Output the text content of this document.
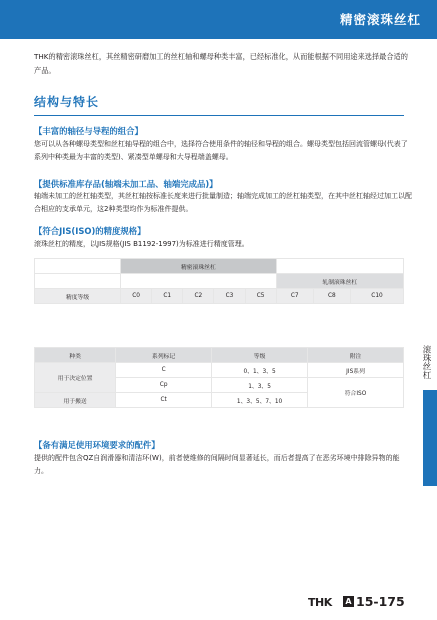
精密滚珠丝杠
THK的精密滚珠丝杠，其丝精密研磨加工的丝杠轴和螺母种类丰富，已经标准化，从而能根据不同用途来选择最合适的产品。
结构与特长
【丰富的轴径与导程的组合】
您可以从各种螺母类型和丝杠轴导程的组合中，选择符合使用条件的轴径和导程的组合。螺母类型包括回流管螺母(代表了系列中种类最为丰富的类型)、紧凑型单螺母和大导程端盖螺母。
【提供标准库存品(轴端未加工品、轴端完成品)】
轴端未加工的丝杠轴类型，其丝杠轴按标准长度来进行批量制造；轴端完成加工的丝杠轴类型，在其中丝杠轴经过加工以配合相应的支承单元，这2种类型均作为标准件提供。
【符合JIS(ISO)的精度规格】
滚珠丝杠的精度，以JIS规格(JIS B1192-1997)为标准进行精度管理。
	精密滚珠丝杠							
						轧制滚珠丝杠		
精度等级	C0	C1	C2	C3	C5	C7	C8	C10
种类	系列标记	等级	附注
用于决定位置	C	0、1、3、5	JIS系列
	Cp	1、3、5	符合ISO
用于搬送	Ct	1、3、5、7、10	
【备有满足使用环境要求的配件】
提供的配件包含QZ自润滑器和清洁环(W)，前者使维修的间隔时间显著延长，而后者提高了在恶劣环境中排除异物的能力。
滚珠丝杠
THK A 15-175
